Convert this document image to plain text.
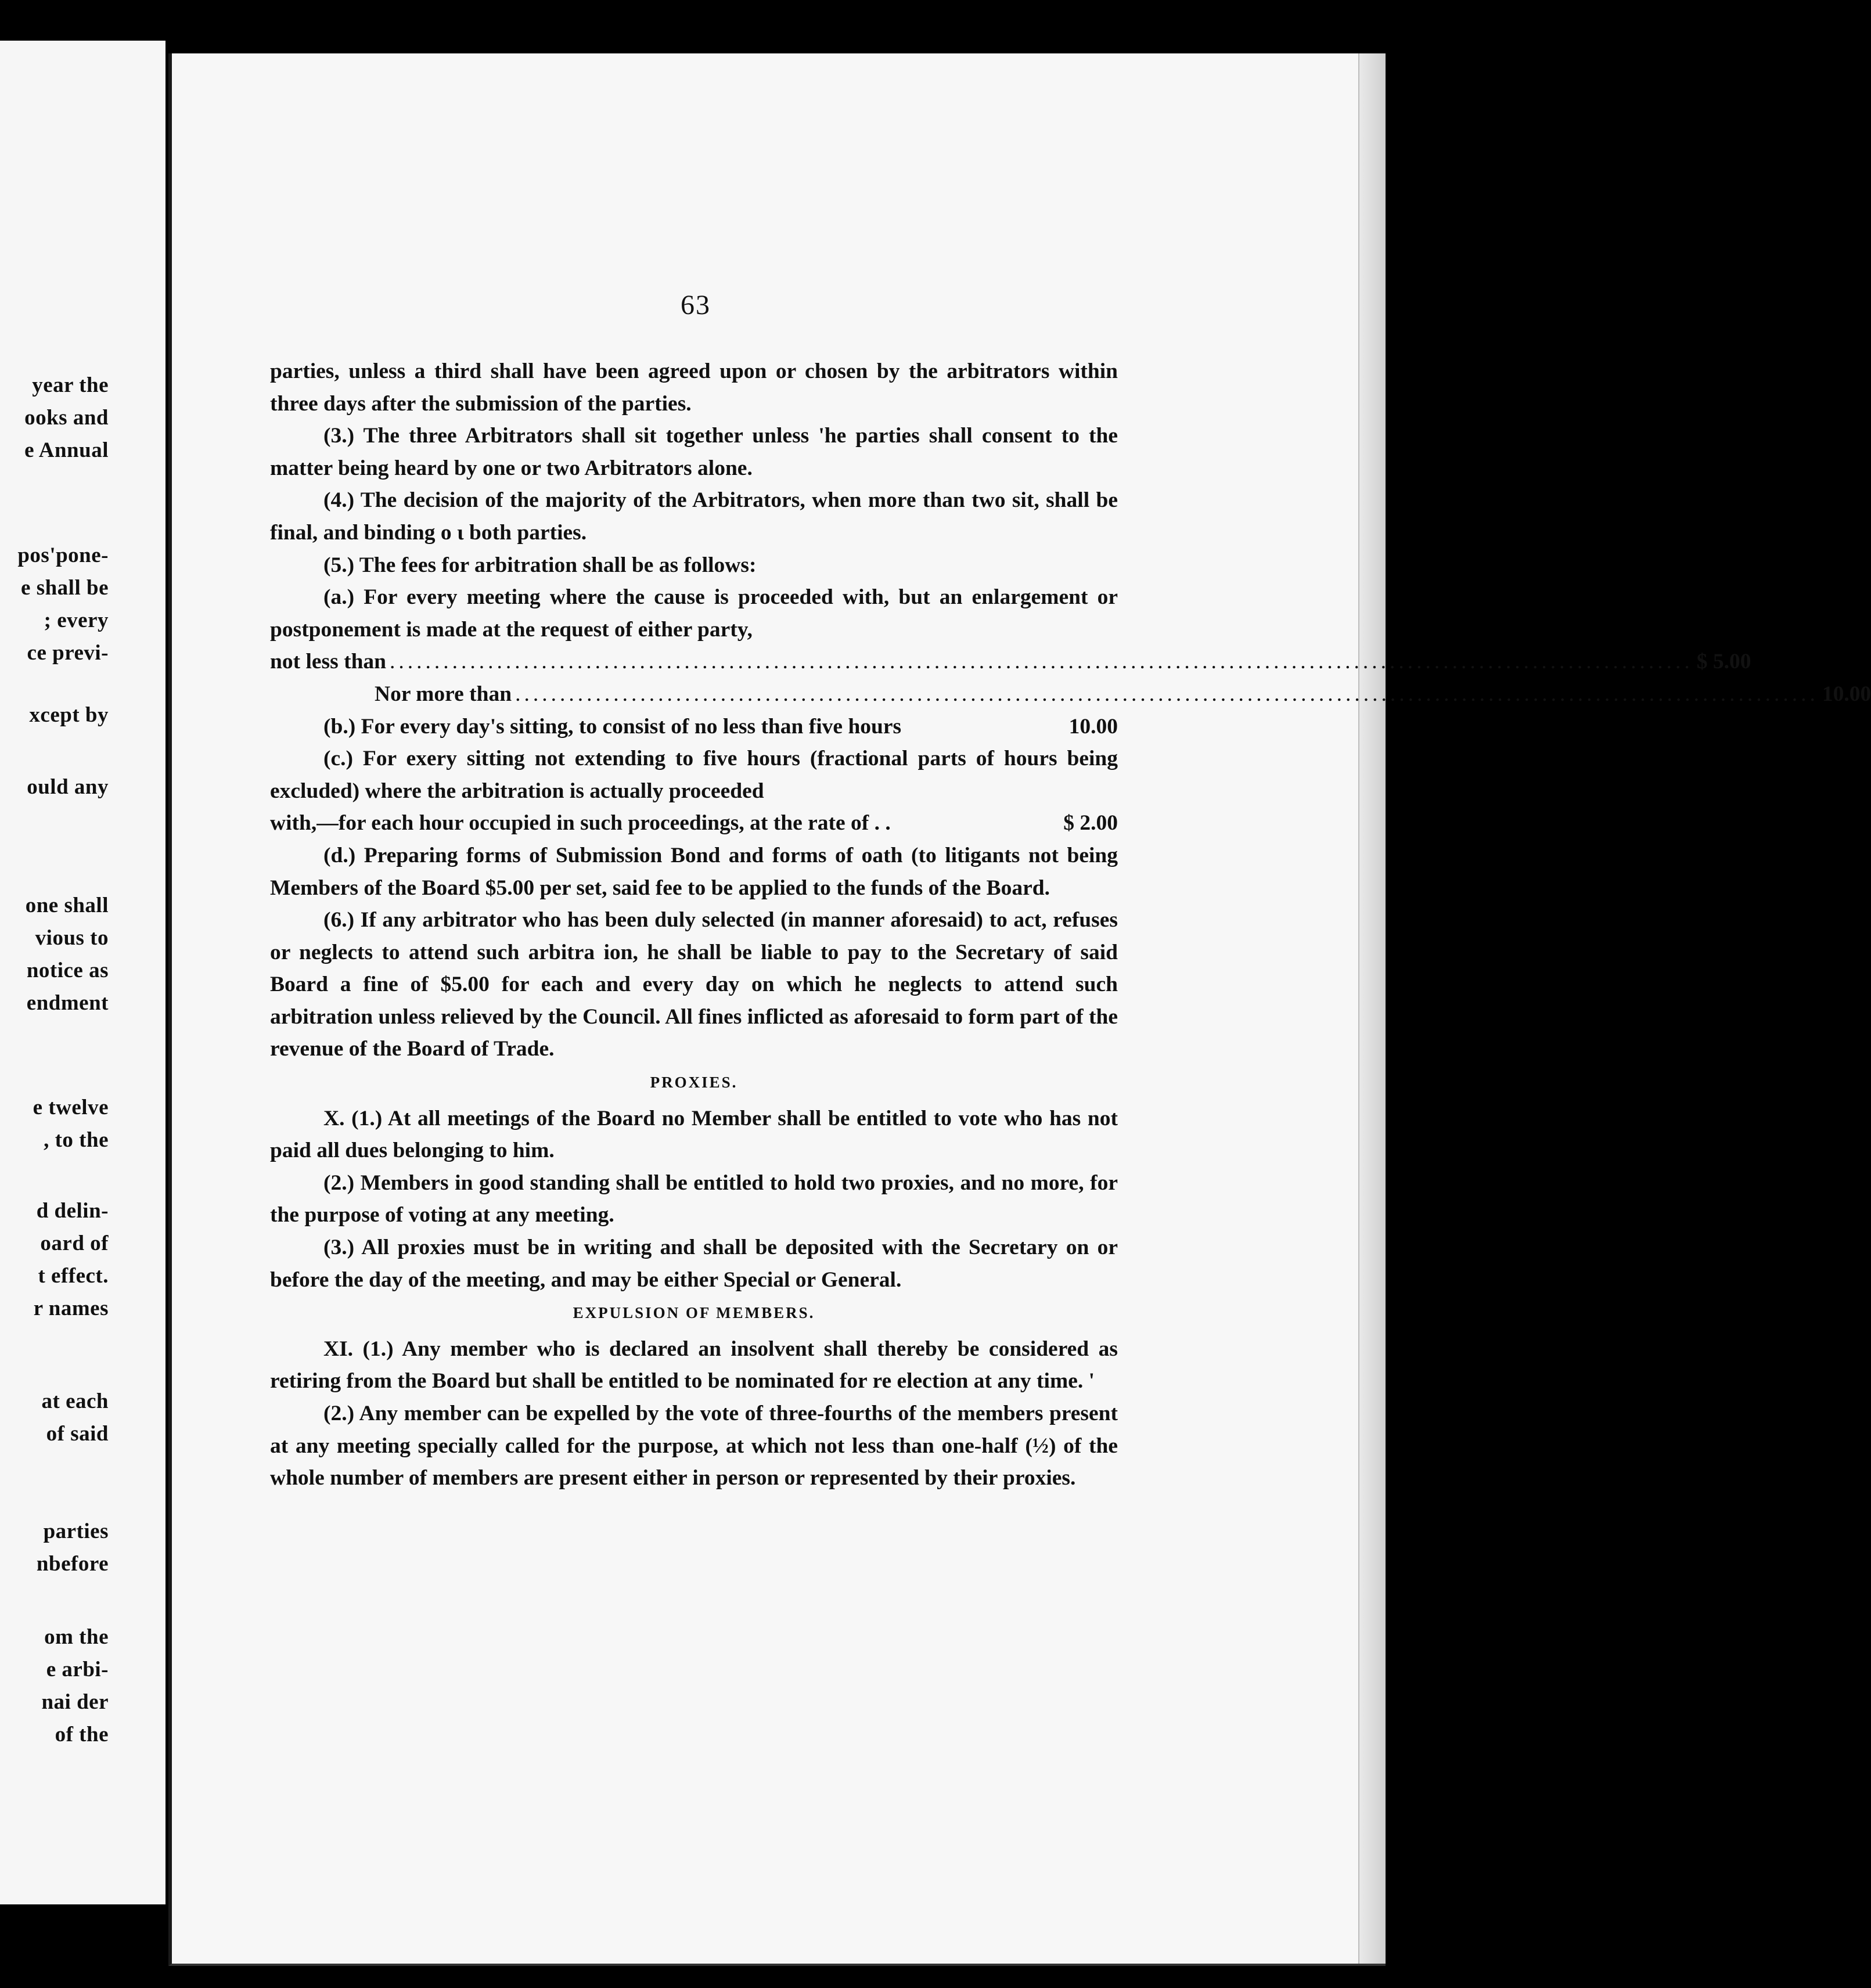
year the
ooks and
e Annual
pos'pone-
e shall be
; every
ce previ-
xcept by
ould any
one shall
vious to
notice as
endment
e twelve
, to the
d delin-
oard of
t effect.
r names
at each
of said
parties
nbefore
om the
e arbi-
nai der
of the
63

parties, unless a third shall have been agreed upon or chosen by the arbitrators within three days after the submission of the parties.

(3.) The three Arbitrators shall sit together unless 'he parties shall consent to the matter being heard by one or two Arbitrators alone.

(4.) The decision of the majority of the Arbitrators, when more than two sit, shall be final, and binding o ι both parties.

(5.) The fees for arbitration shall be as follows:

(a.) For every meeting where the cause is proceeded with, but an enlargement or postponement is made at the request of either party,

not less than .................................................................................................................................................. $ 5.00
Nor more than .................................................................................................................................................. 10.00
(b.) For every day's sitting, to consist of no less than five hours	10.00

(c.) For exery sitting not extending to five hours (fractional parts of hours being excluded) where the arbitration is actually proceeded

with,—for each hour occupied in such proceedings, at the rate of . .	$ 2.00

(d.) Preparing forms of Submission Bond and forms of oath (to litigants not being Members of the Board $5.00 per set, said fee to be applied to the funds of the Board.

(6.) If any arbitrator who has been duly selected (in manner aforesaid) to act, refuses or neglects to attend such arbitra ion, he shall be liable to pay to the Secretary of said Board a fine of $5.00 for each and every day on which he neglects to attend such arbitration unless relieved by the Council. All fines inflicted as aforesaid to form part of the revenue of the Board of Trade.

PROXIES.

X. (1.) At all meetings of the Board no Member shall be entitled to vote who has not paid all dues belonging to him.

(2.) Members in good standing shall be entitled to hold two proxies, and no more, for the purpose of voting at any meeting.

(3.) All proxies must be in writing and shall be deposited with the Secretary on or before the day of the meeting, and may be either Special or General.

EXPULSION OF MEMBERS.

XI. (1.) Any member who is declared an insolvent shall thereby be considered as retiring from the Board but shall be entitled to be nominated for re election at any time. '

(2.) Any member can be expelled by the vote of three-fourths of the members present at any meeting specially called for the purpose, at which not less than one-half (½) of the whole number of members are present either in person or represented by their proxies.
